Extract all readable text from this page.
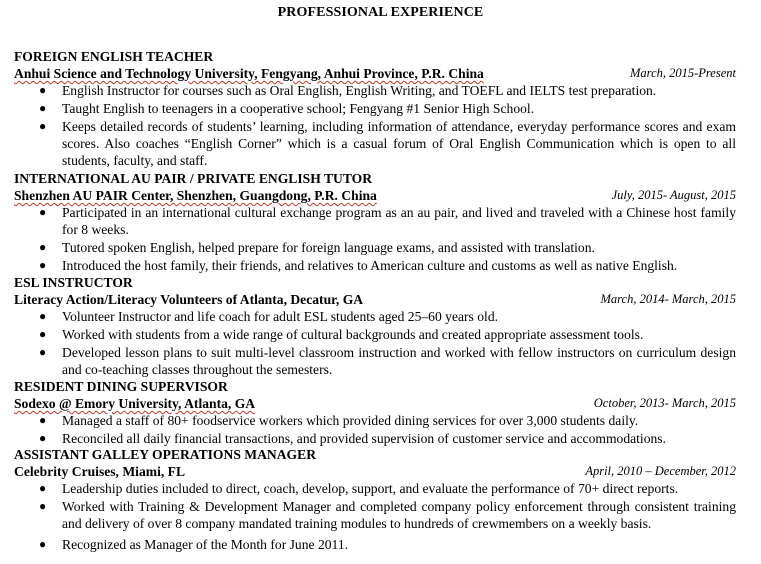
PROFESSIONAL EXPERIENCE
FOREIGN ENGLISH TEACHER
Anhui Science and Technology University, Fengyang, Anhui Province, P.R. China	March, 2015-Present
● English Instructor for courses such as Oral English, English Writing, and TOEFL and IELTS test preparation.
● Taught English to teenagers in a cooperative school; Fengyang #1 Senior High School.
● Keeps detailed records of students’ learning, including information of attendance, everyday performance scores and exam scores. Also coaches “English Corner” which is a casual forum of Oral English Communication which is open to all students, faculty, and staff.
INTERNATIONAL AU PAIR / PRIVATE ENGLISH TUTOR
Shenzhen AU PAIR Center, Shenzhen, Guangdong, P.R. China	July, 2015- August, 2015
● Participated in an international cultural exchange program as an au pair, and lived and traveled with a Chinese host family for 8 weeks.
● Tutored spoken English, helped prepare for foreign language exams, and assisted with translation.
● Introduced the host family, their friends, and relatives to American culture and customs as well as native English.
ESL INSTRUCTOR
Literacy Action/Literacy Volunteers of Atlanta, Decatur, GA	March, 2014- March, 2015
● Volunteer Instructor and life coach for adult ESL students aged 25–60 years old.
● Worked with students from a wide range of cultural backgrounds and created appropriate assessment tools.
● Developed lesson plans to suit multi-level classroom instruction and worked with fellow instructors on curriculum design and co-teaching classes throughout the semesters.
RESIDENT DINING SUPERVISOR
Sodexo @ Emory University, Atlanta, GA	October, 2013- March, 2015
● Managed a staff of 80+ foodservice workers which provided dining services for over 3,000 students daily.
● Reconciled all daily financial transactions, and provided supervision of customer service and accommodations.
ASSISTANT GALLEY OPERATIONS MANAGER
Celebrity Cruises, Miami, FL	April, 2010 – December, 2012
● Leadership duties included to direct, coach, develop, support, and evaluate the performance of 70+ direct reports.
● Worked with Training & Development Manager and completed company policy enforcement through consistent training and delivery of over 8 company mandated training modules to hundreds of crewmembers on a weekly basis.
● Recognized as Manager of the Month for June 2011.
